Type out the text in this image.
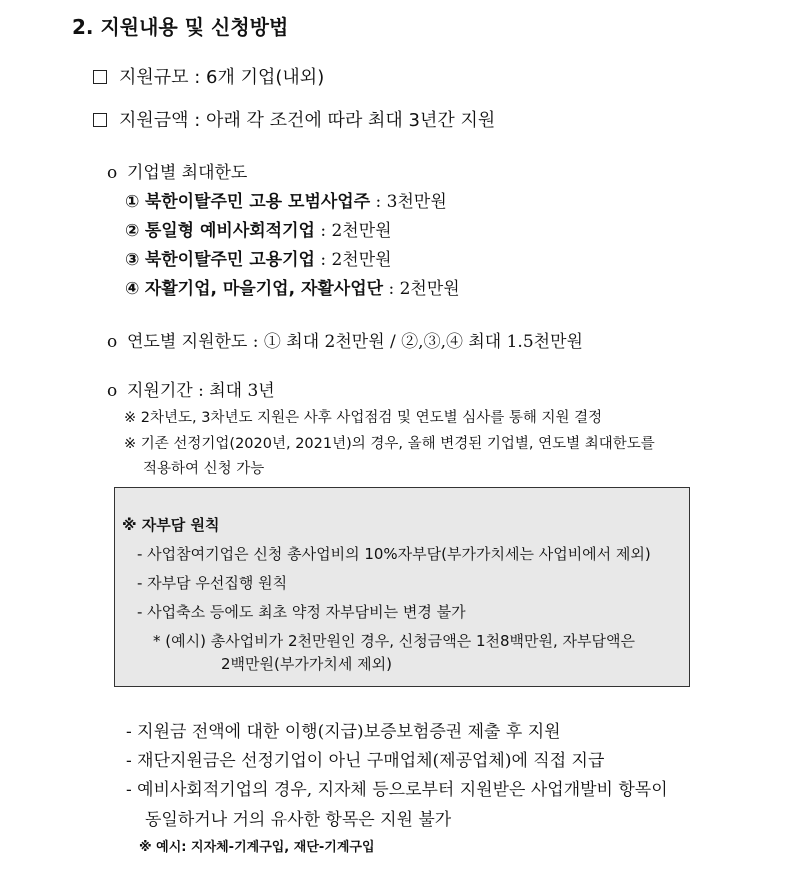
2. 지원내용 및 신청방법
지원규모 : 6개 기업(내외)
지원금액 : 아래 각 조건에 따라 최대 3년간 지원
o 기업별 최대한도
① 북한이탈주민 고용 모범사업주 : 3천만원
② 통일형 예비사회적기업 : 2천만원
③ 북한이탈주민 고용기업 : 2천만원
④ 자활기업, 마을기업, 자활사업단 : 2천만원
o 연도별 지원한도 : ① 최대 2천만원 / ②,③,④ 최대 1.5천만원
o 지원기간 : 최대 3년
※ 2차년도, 3차년도 지원은 사후 사업점검 및 연도별 심사를 통해 지원 결정
※ 기존 선정기업(2020년, 2021년)의 경우, 올해 변경된 기업별, 연도별 최대한도를
적용하여 신청 가능
※ 자부담 원칙
- 사업참여기업은 신청 총사업비의 10%자부담(부가가치세는 사업비에서 제외)
- 자부담 우선집행 원칙
- 사업축소 등에도 최초 약정 자부담비는 변경 불가
* (예시) 총사업비가 2천만원인 경우, 신청금액은 1천8백만원, 자부담액은
2백만원(부가가치세 제외)
- 지원금 전액에 대한 이행(지급)보증보험증권 제출 후 지원
- 재단지원금은 선정기업이 아닌 구매업체(제공업체)에 직접 지급
- 예비사회적기업의 경우, 지자체 등으로부터 지원받은 사업개발비 항목이
동일하거나 거의 유사한 항목은 지원 불가
※ 예시: 지자체-기계구입, 재단-기계구입
